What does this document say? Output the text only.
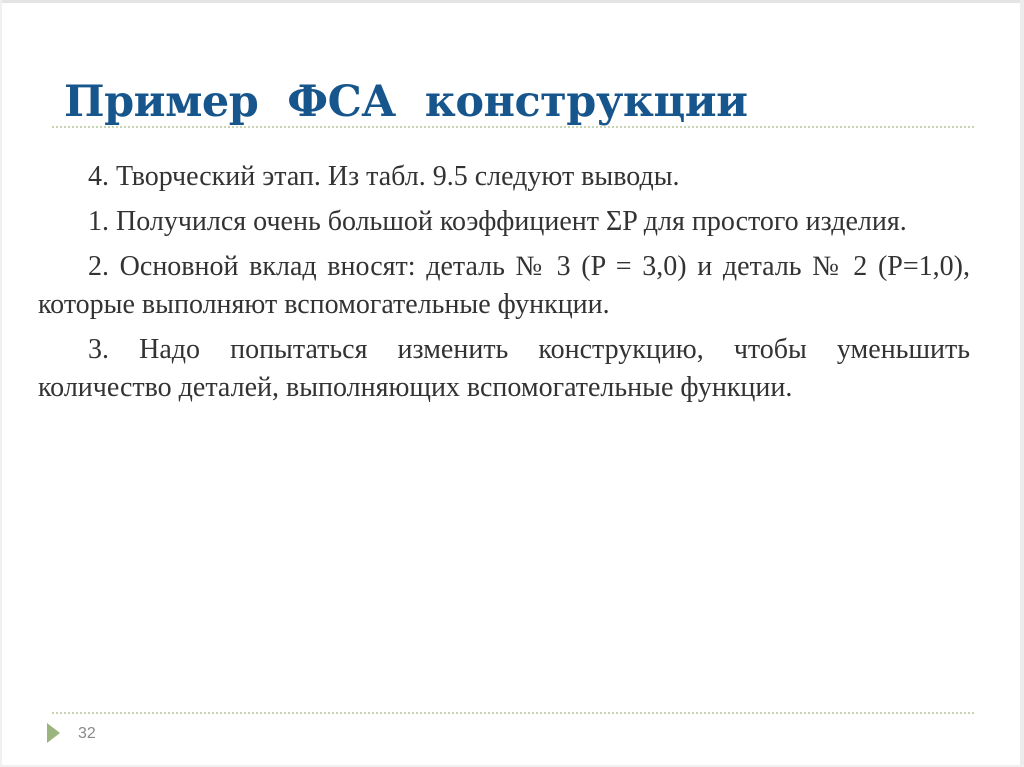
Пример  ФСА  конструкции

4. Творческий этап. Из табл. 9.5 следуют выводы.

1. Получился очень большой коэффициент ΣP для простого изделия.

2. Основной вклад вносят: деталь № 3 (P = 3,0) и деталь № 2 (P=1,0), которые выполняют вспомогательные функции.

3. Надо попытаться изменить конструкцию, чтобы уменьшить количество деталей, выполняющих вспомогательные функции.

32
